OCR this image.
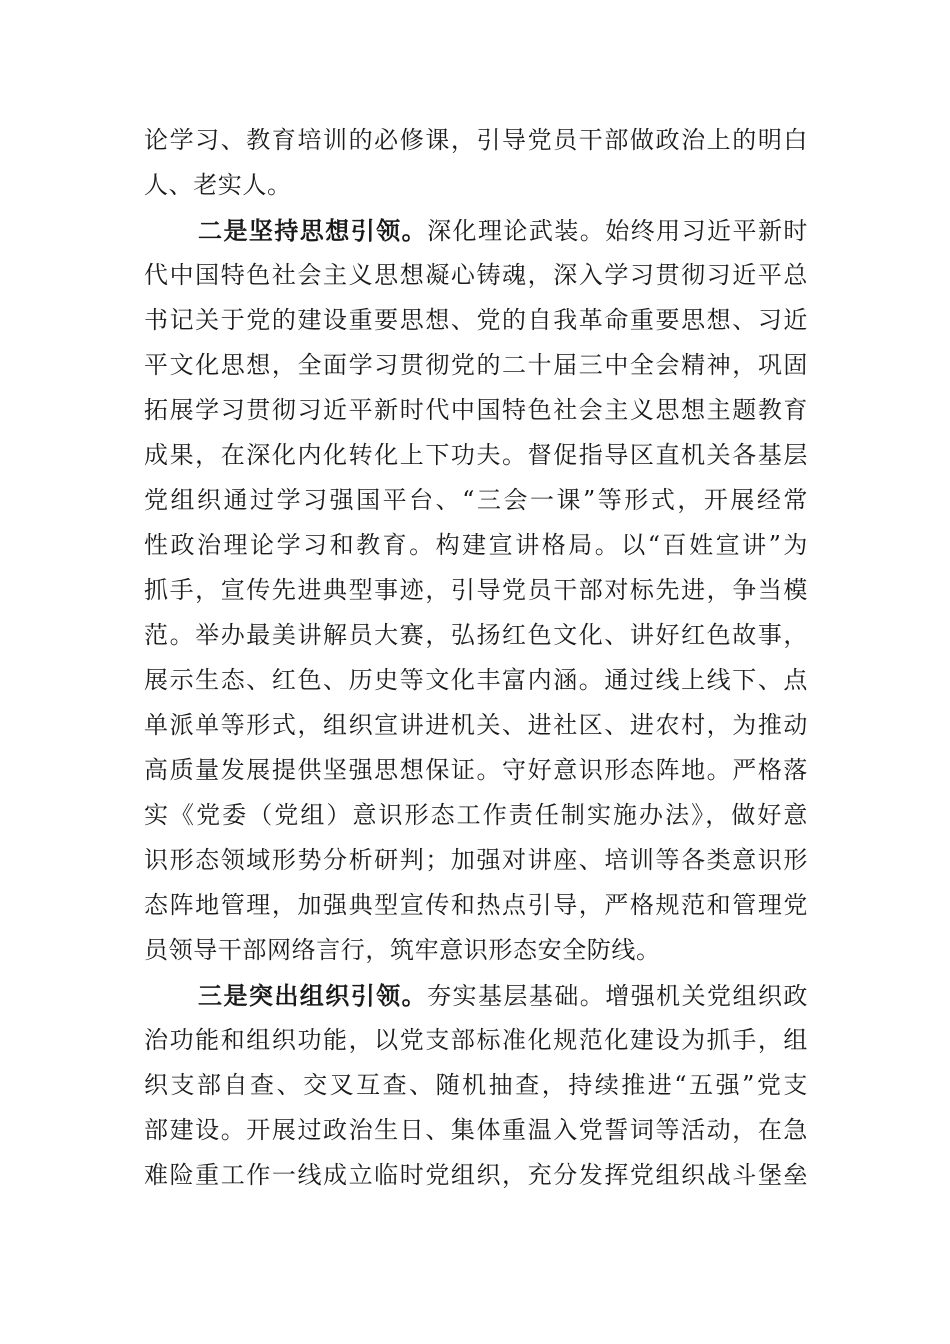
论学习、教育培训的必修课，引导党员干部做政治上的明白
人、老实人。
二是坚持思想引领。深化理论武装。始终用习近平新时
代中国特色社会主义思想凝心铸魂，深入学习贯彻习近平总
书记关于党的建设重要思想、党的自我革命重要思想、习近
平文化思想，全面学习贯彻党的二十届三中全会精神，巩固
拓展学习贯彻习近平新时代中国特色社会主义思想主题教育
成果，在深化内化转化上下功夫。督促指导区直机关各基层
党组织通过学习强国平台、“三会一课”等形式，开展经常
性政治理论学习和教育。构建宣讲格局。以“百姓宣讲”为
抓手，宣传先进典型事迹，引导党员干部对标先进，争当模
范。举办最美讲解员大赛，弘扬红色文化、讲好红色故事，
展示生态、红色、历史等文化丰富内涵。通过线上线下、点
单派单等形式，组织宣讲进机关、进社区、进农村，为推动
高质量发展提供坚强思想保证。守好意识形态阵地。严格落
实《党委（党组）意识形态工作责任制实施办法》，做好意
识形态领域形势分析研判；加强对讲座、培训等各类意识形
态阵地管理，加强典型宣传和热点引导，严格规范和管理党
员领导干部网络言行，筑牢意识形态安全防线。
三是突出组织引领。夯实基层基础。增强机关党组织政
治功能和组织功能，以党支部标准化规范化建设为抓手，组
织支部自查、交叉互查、随机抽查，持续推进“五强”党支
部建设。开展过政治生日、集体重温入党誓词等活动，在急
难险重工作一线成立临时党组织，充分发挥党组织战斗堡垒
